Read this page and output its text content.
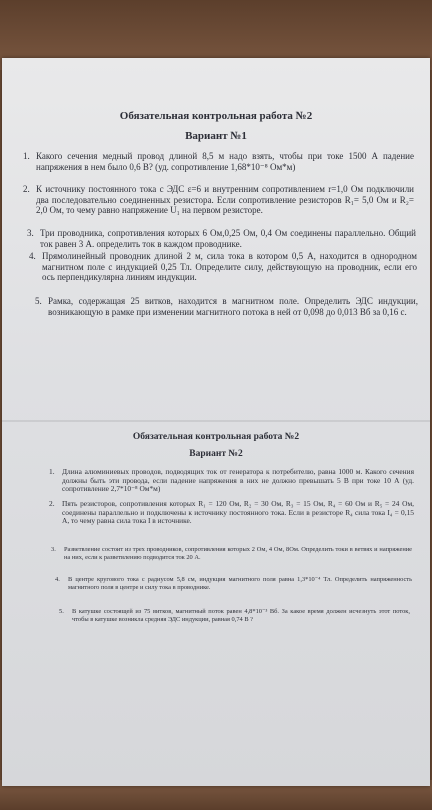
Обязательная контрольная работа №2
Вариант №1
1. Какого сечения медный провод длиной 8,5 м надо взять, чтобы при токе 1500 А падение напряжения в нем было 0,6 В? (уд. сопротивление 1,68*10⁻⁸ Ом*м)
2. К источнику постоянного тока с ЭДС ε=6 и внутренним сопротивлением r=1,0 Ом подключили два последовательно соединенных резистора. Если сопротивление резисторов R₁= 5,0 Ом и R₂= 2,0 Ом, то чему равно напряжение U₁ на первом резисторе.
3. Три проводника, сопротивления которых 6 Ом,0,25 Ом, 0,4 Ом соединены параллельно. Общий ток равен 3 А. определить ток в каждом проводнике.
4. Прямолинейный проводник длиной 2 м, сила тока в котором 0,5 А, находится в однородном магнитном поле с индукцией 0,25 Тл. Определите силу, действующую на проводник, если его ось перпендикулярна линиям индукции.
5. Рамка, содержащая 25 витков, находится в магнитном поле. Определить ЭДС индукции, возникающую в рамке при изменении магнитного потока в ней от 0,098 до 0,013 Вб за 0,16 с.
Обязательная контрольная работа №2
Вариант №2
1. Длина алюминиевых проводов, подводящих ток от генератора к потребителю, равна 1000 м. Какого сечения должны быть эти провода, если падение напряжения в них не должно превышать 5 В при токе 10 А (уд. сопротивление 2,7*10⁻⁸ Ом*м)
2. Пять резисторов, сопротивления которых R₁ = 120 Ом, R₂ = 30 Ом, R₃ = 15 Ом, R₄ = 60 Ом и R₅ = 24 Ом, соединены параллельно и подключены к источнику постоянного тока. Если в резисторе R₄ сила тока I₄ = 0,15 А, то чему равна сила тока I в источнике.
3. Разветвление состоит из трех проводников, сопротивления которых 2 Ом, 4 Ом, 8Ом. Определить токи в ветвях и напряжение на них, если к разветвлению подводится ток 20 А.
4. В центре кругового тока с радиусом 5,8 см, индукция магнитного поля равна 1,3*10⁻⁴ Тл. Определить напряженность магнитного поля в центре и силу тока в проводнике.
5. В катушке состоящей из 75 витков, магнитный поток равен 4,8*10⁻³ Вб. За какое время должен исчезнуть этот поток, чтобы в катушке возникла средняя ЭДС индукции, равная 0,74 В ?
